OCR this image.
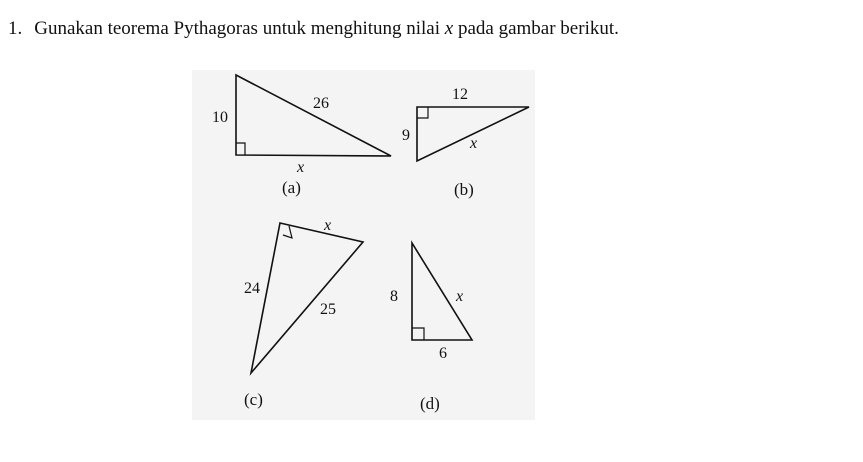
1. Gunakan teorema Pythagoras untuk menghitung nilai x pada gambar berikut.
10
26
x
(a)
12
9	x
(b)
x
24
25
(c)
8	x
6
(d)
